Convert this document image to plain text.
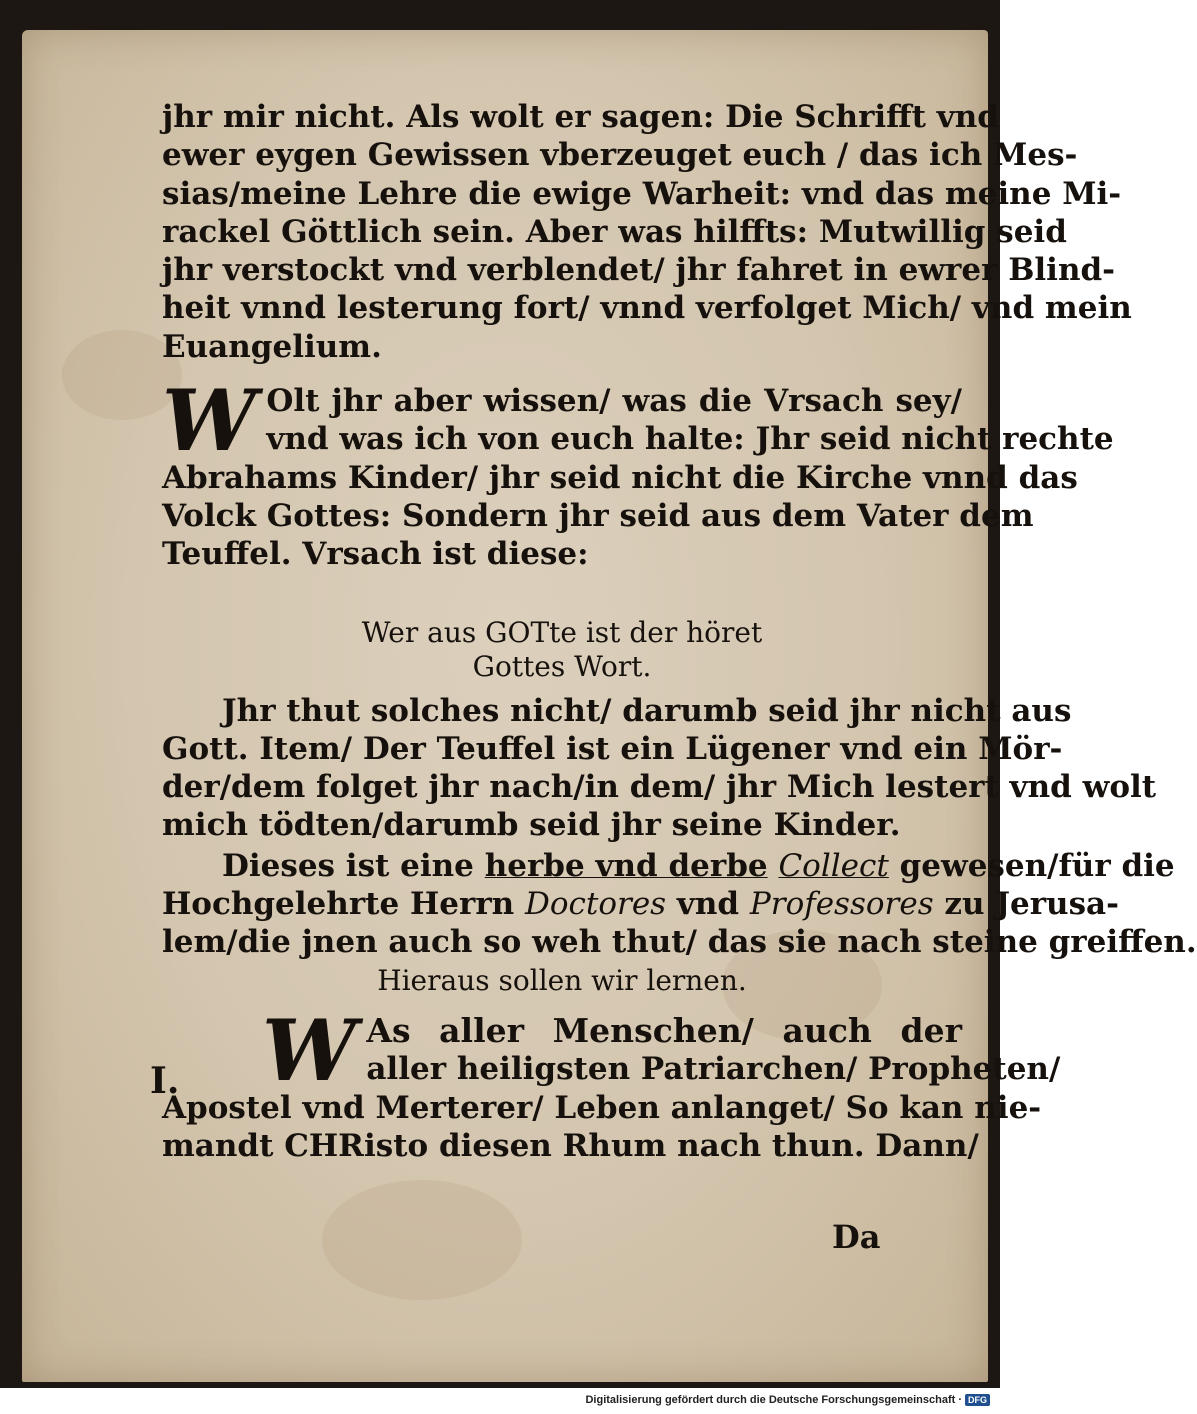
jhr mir nicht. Als wolt er sagen: Die Schrifft vnd
ewer eygen Gewissen vberzeuget euch / das ich Mes-
sias/meine Lehre die ewige Warheit: vnd das meine Mi-
rackel Göttlich sein. Aber was hilffts: Mutwillig seid
jhr verstockt vnd verblendet/ jhr fahret in ewrer Blind-
heit vnnd lesterung fort/ vnnd verfolget Mich/ vnd mein
Euangelium.
W Olt jhr aber wissen/ was die Vrsach sey/
vnd was ich von euch halte: Jhr seid nicht rechte
Abrahams Kinder/ jhr seid nicht die Kirche vnnd das
Volck Gottes: Sondern jhr seid aus dem Vater dem
Teuffel. Vrsach ist diese:
Wer aus GOTte ist der höret
Gottes Wort.
Jhr thut solches nicht/ darumb seid jhr nicht aus
Gott. Item/ Der Teuffel ist ein Lügener vnd ein Mör-
der/dem folget jhr nach/in dem/ jhr Mich lestert vnd wolt
mich tödten/darumb seid jhr seine Kinder.
Dieses ist eine herbe vnd derbe Collect gewesen/für die
Hochgelehrte Herrn Doctores vnd Professores zu Jerusa-
lem/die jnen auch so weh thut/ das sie nach steine greiffen.
Hieraus sollen wir lernen.
W As aller Menschen/ auch der
aller heiligsten Patriarchen/ Propheten/
Apostel vnd Merterer/ Leben anlanget/ So kan nie-
mandt CHRisto diesen Rhum nach thun. Dann/
I.
Da
Digitalisierung gefördert durch die Deutsche Forschungsgemeinschaft · DFG
